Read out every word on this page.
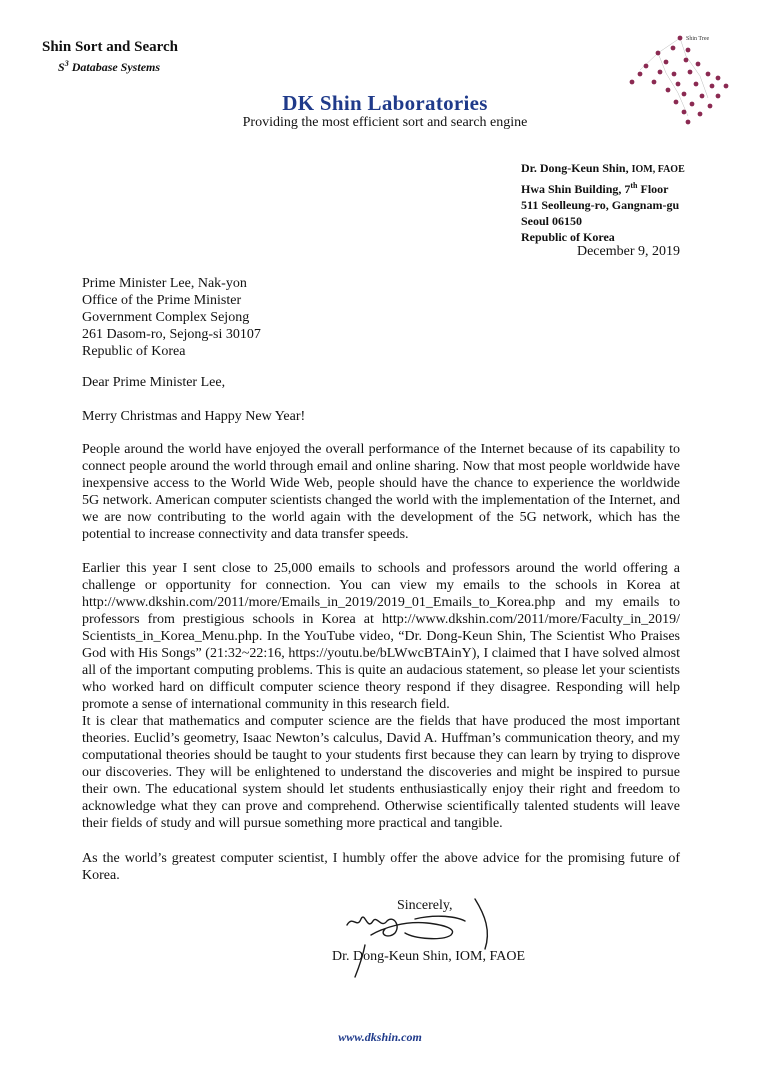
Shin Sort and Search
$S^3$ Database Systems
DK Shin Laboratories
Providing the most efficient sort and search engine
Shin Tree
Dr. Dong-Keun Shin, IOM, FAOE
Hwa Shin Building, 7th Floor
511 Seolleung-ro, Gangnam-gu
Seoul 06150
Republic of Korea
December 9, 2019
Prime Minister Lee, Nak-yon
Office of the Prime Minister
Government Complex Sejong
261 Dasom-ro, Sejong-si 30107
Republic of Korea
Dear Prime Minister Lee,
Merry Christmas and Happy New Year!
People around the world have enjoyed the overall performance of the Internet because of its capability to connect people around the world through email and online sharing. Now that most people worldwide have inexpensive access to the World Wide Web, people should have the chance to experience the worldwide 5G network. American computer scientists changed the world with the implementation of the Internet, and we are now contributing to the world again with the development of the 5G network, which has the potential to increase connectivity and data transfer speeds.
Earlier this year I sent close to 25,000 emails to schools and professors around the world offering a challenge or opportunity for connection. You can view my emails to the schools in Korea at http://www.dkshin.com/2011/more/Emails_in_2019/2019_01_Emails_to_Korea.php and my emails to professors from prestigious schools in Korea at http://www.dkshin.com/2011/more/Faculty_in_2019/ Scientists_in_Korea_Menu.php. In the YouTube video, “Dr. Dong-Keun Shin, The Scientist Who Praises God with His Songs” (21:32~22:16, https://youtu.be/bLWwcBTAinY), I claimed that I have solved almost all of the important computing problems. This is quite an audacious statement, so please let your scientists who worked hard on difficult computer science theory respond if they disagree. Responding will help promote a sense of international community in this research field.
It is clear that mathematics and computer science are the fields that have produced the most important theories. Euclid’s geometry, Isaac Newton’s calculus, David A. Huffman’s communication theory, and my computational theories should be taught to your students first because they can learn by trying to disprove our discoveries. They will be enlightened to understand the discoveries and might be inspired to pursue their own. The educational system should let students enthusiastically enjoy their right and freedom to acknowledge what they can prove and comprehend. Otherwise scientifically talented students will leave their fields of study and will pursue something more practical and tangible.
As the world’s greatest computer scientist, I humbly offer the above advice for the promising future of Korea.
Sincerely,
Dr. Dong-Keun Shin, IOM, FAOE
www.dkshin.com
